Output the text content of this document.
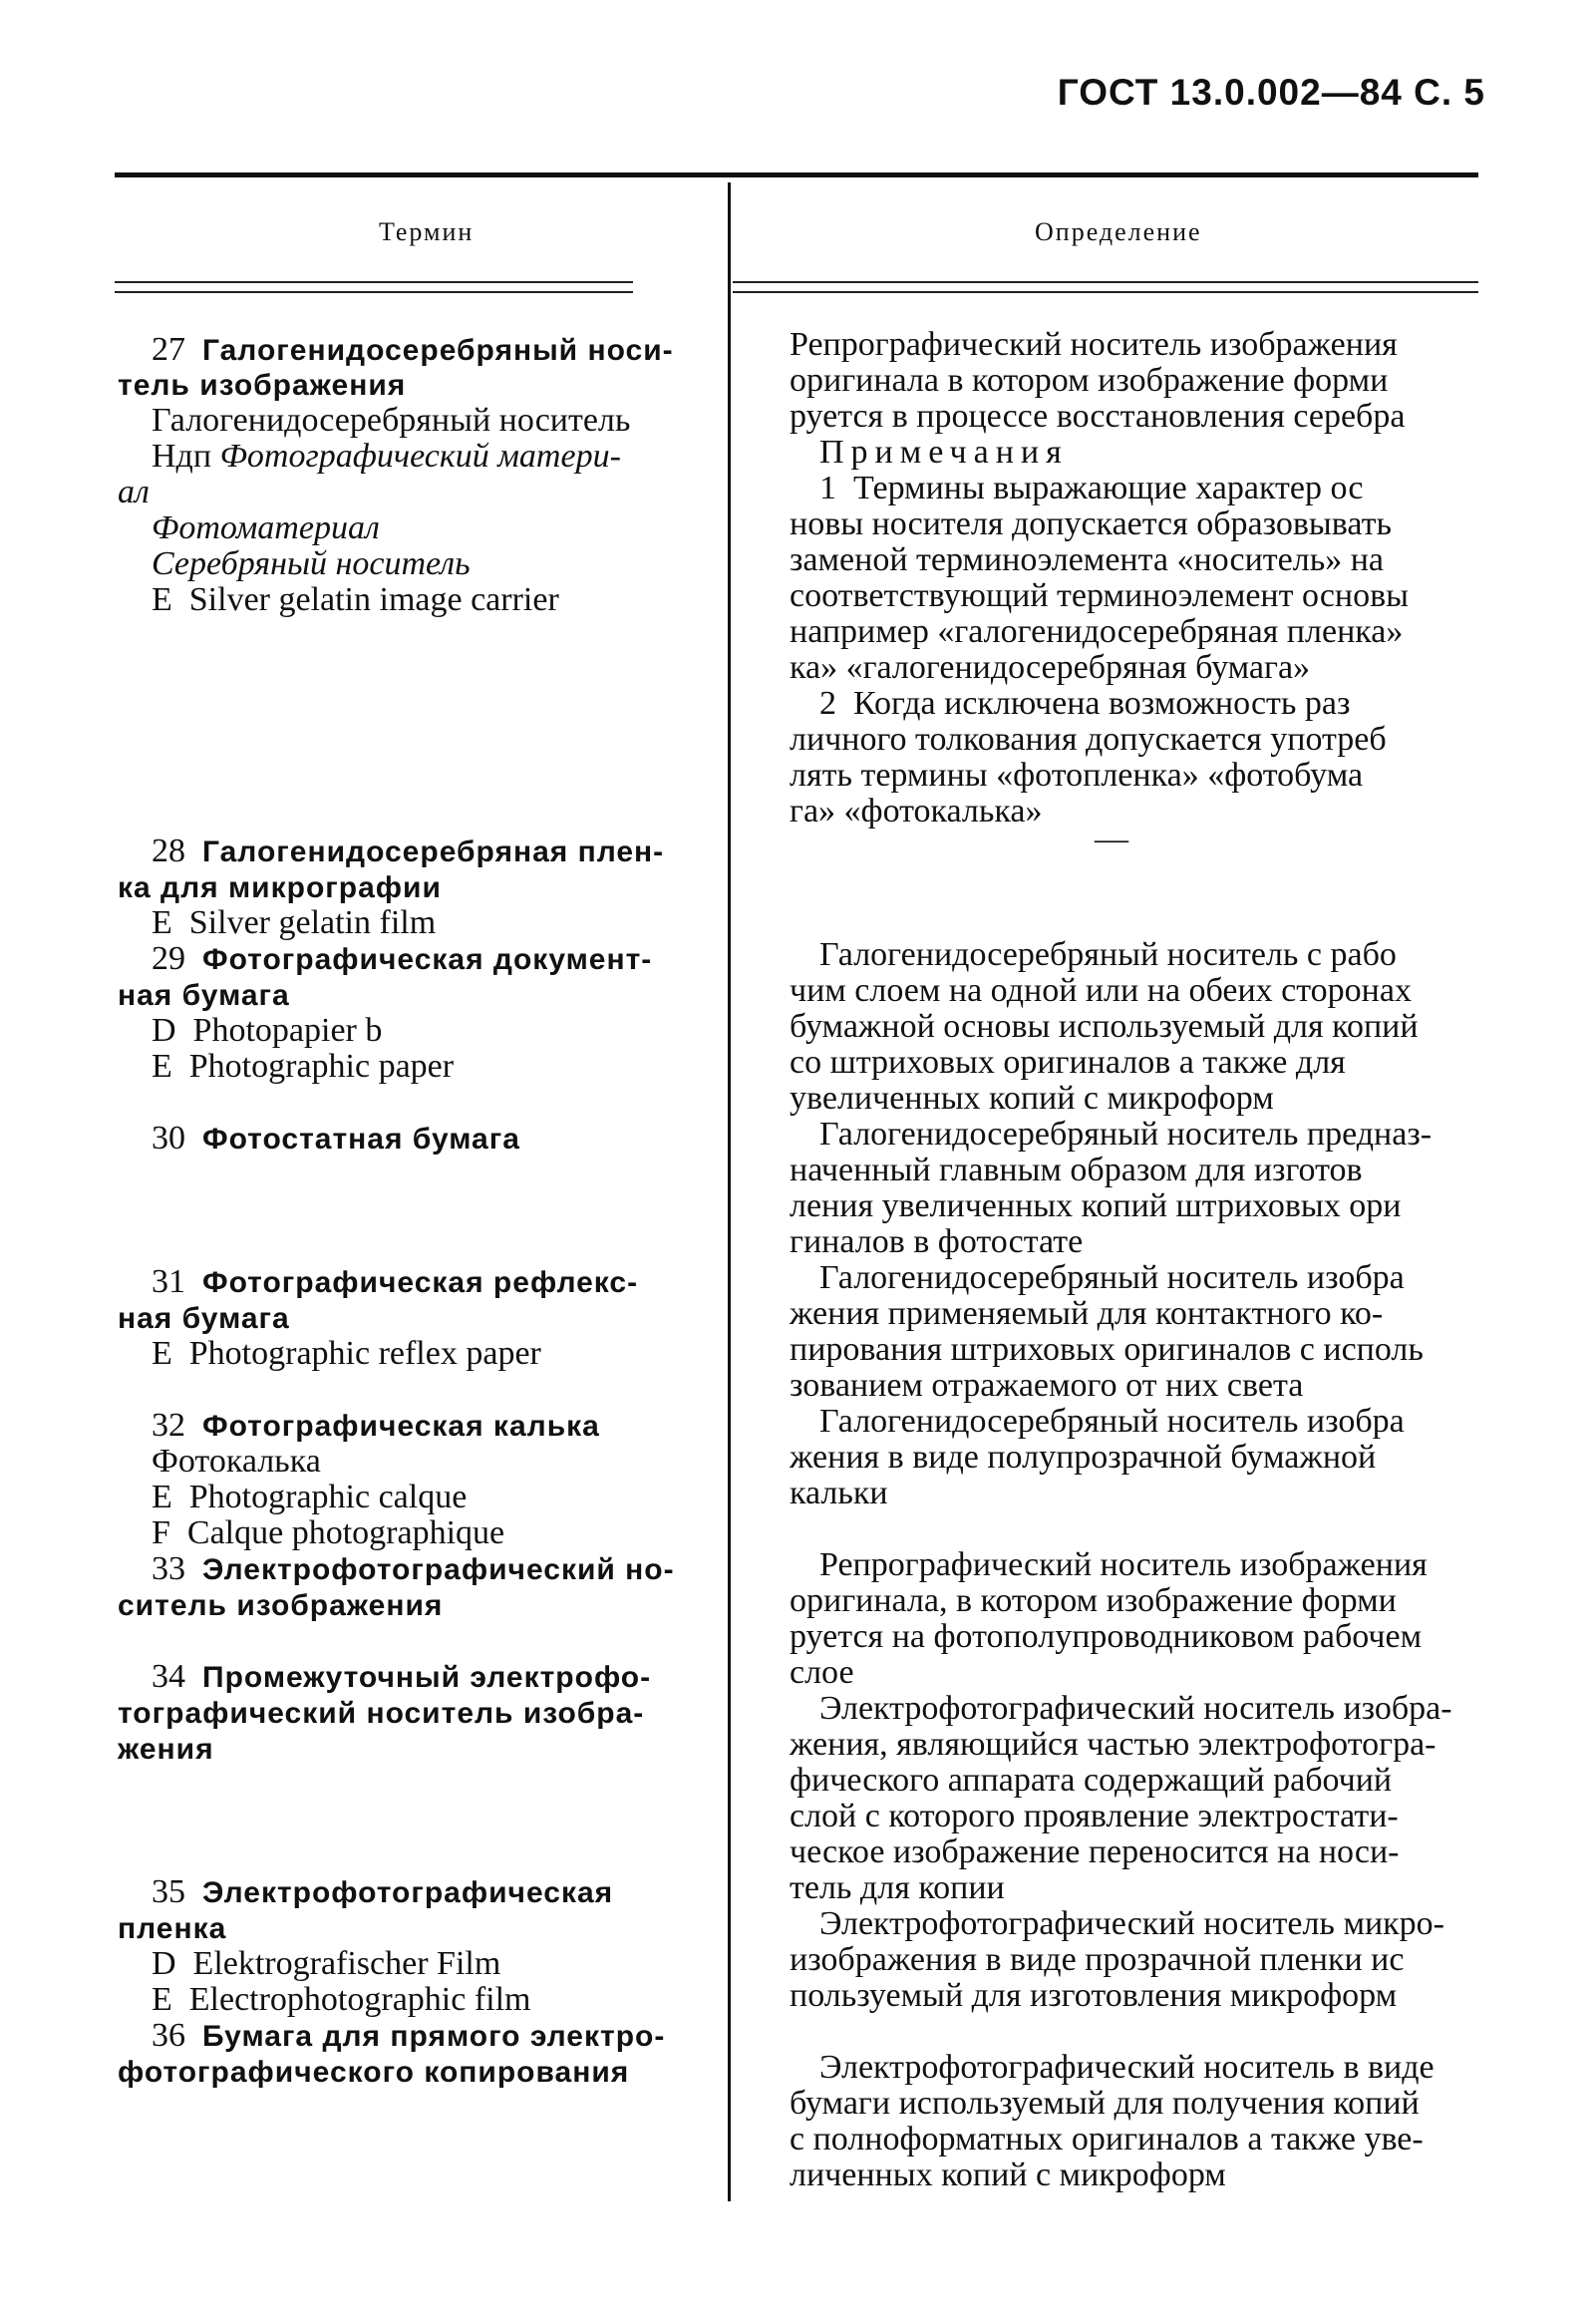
ГОСТ 13.0.002—84 С. 5
Термин	Определение
27 Галогенидосеребряный носи-
тель изображения
Галогенидосеребряный носитель
Ндп Фотографический матери-
ал
Фотоматериал
Серебряный носитель
E  Silver gelatin image carrier
28 Галогенидосеребряная плен-
ка для микрографии
E  Silver gelatin film
29 Фотографическая документ-
ная бумага
D  Photopapier b
E  Photographic paper
30 Фотостатная бумага
31 Фотографическая рефлекс-
ная бумага
E  Photographic reflex paper
32 Фотографическая калька
Фотокалька
E  Photographic calque
F  Calque photographique
33 Электрофотографический но-
ситель изображения
34 Промежуточный электрофо-
тографический носитель изобра-
жения
35 Электрофотографическая
пленка
D  Elektrografischer Film
E  Electrophotographic film
36 Бумага для прямого электро-
фотографического копирования
Репрографический носитель изображения
оригинала в котором изображение форми
руется в процессе восстановления серебра
Примечания
1  Термины выражающие характер ос
новы носителя допускается образовывать
заменой терминоэлемента «носитель» на
соответствующий терминоэлемент основы
например «галогенидосеребряная пленка»
ка» «галогенидосеребряная бумага»
2  Когда исключена возможность раз
личного толкования допускается употреб
лять термины «фотопленка» «фотобума
га» «фотокалька»
—
Галогенидосеребряный носитель с рабо
чим слоем на одной или на обеих сторонах
бумажной основы используемый для копий
со штриховых оригиналов а также для
увеличенных копий с микроформ
Галогенидосеребряный носитель предназ-
наченный главным образом для изготов
ления увеличенных копий штриховых ори
гиналов в фотостате
Галогенидосеребряный носитель изобра
жения применяемый для контактного ко-
пирования штриховых оригиналов с исполь
зованием отражаемого от них света
Галогенидосеребряный носитель изобра
жения в виде полупрозрачной бумажной
кальки
Репрографический носитель изображения
оригинала, в котором изображение форми
руется на фотополупроводниковом рабочем
слое
Электрофотографический носитель изобра-
жения, являющийся частью электрофотогра-
фического аппарата содержащий рабочий
слой с которого проявление электростати-
ческое изображение переносится на носи-
тель для копии
Электрофотографический носитель микро-
изображения в виде прозрачной пленки ис
пользуемый для изготовления микроформ
Электрофотографический носитель в виде
бумаги используемый для получения копий
с полноформатных оригиналов а также уве-
личенных копий с микроформ
